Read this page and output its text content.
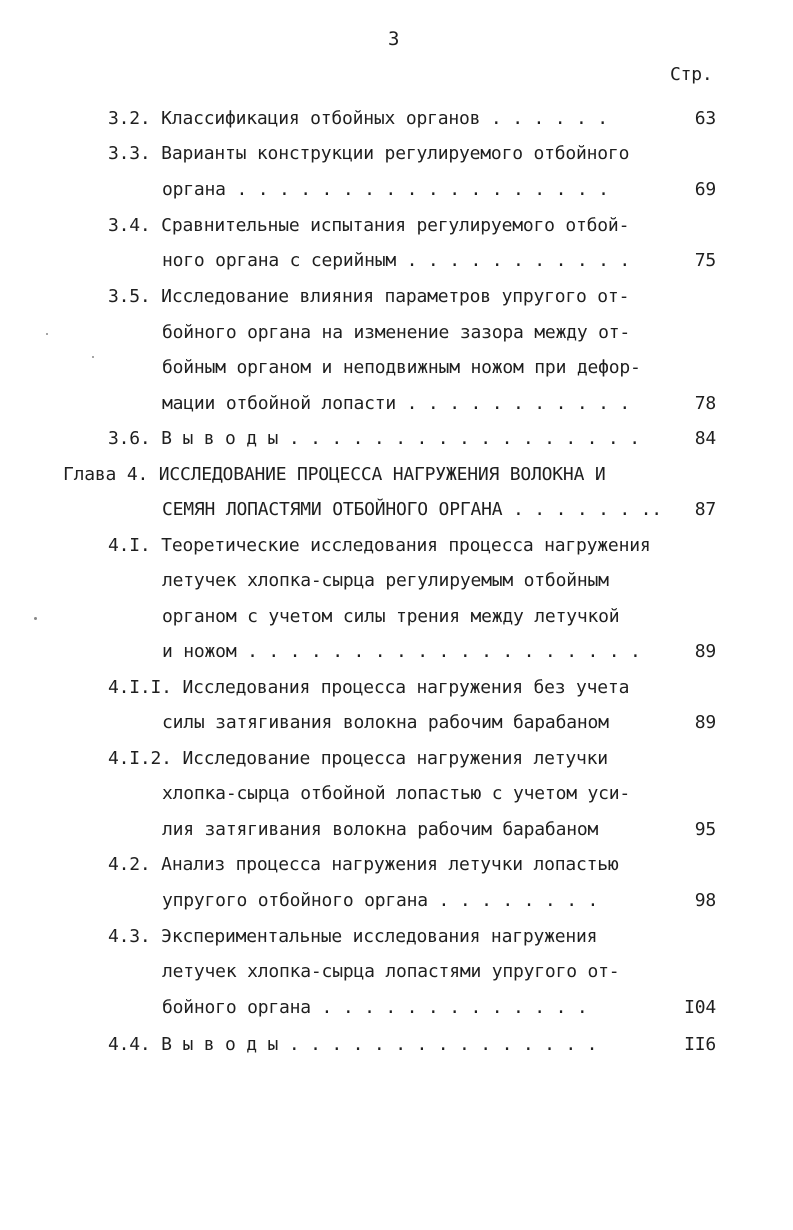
3
Стр.
3.2. Классификация отбойных органов . . . . . .	63
3.3. Варианты конструкции регулируемого отбойного
органа . . . . . . . . . . . . . . . . . .	69
3.4. Сравнительные испытания регулируемого отбой-
ного органа с серийным . . . . . . . . . . .	75
3.5. Исследование влияния параметров упругого от-
бойного органа на изменение зазора между от-
бойным органом и неподвижным ножом при дефор-
мации отбойной лопасти . . . . . . . . . . .	78
3.6. В ы в о д ы . . . . . . . . . . . . . . . . .	84
Глава 4. ИССЛЕДОВАНИЕ ПРОЦЕССА НАГРУЖЕНИЯ ВОЛОКНА И
СЕМЯН ЛОПАСТЯМИ ОТБОЙНОГО ОРГАНА . . . . . . ..	87
4.I. Теоретические исследования процесса нагружения
летучек хлопка-сырца регулируемым отбойным
органом с учетом силы трения между летучкой
и ножом . . . . . . . . . . . . . . . . . . .	89
4.I.I. Исследования процесса нагружения без учета
силы затягивания волокна рабочим барабаном	89
4.I.2. Исследование процесса нагружения летучки
хлопка-сырца отбойной лопастью с учетом уси-
лия затягивания волокна рабочим барабаном	95
4.2. Анализ процесса нагружения летучки лопастью
упругого отбойного органа . . . . . . . .	98
4.3. Экспериментальные исследования нагружения
летучек хлопка-сырца лопастями упругого от-
бойного органа . . . . . . . . . . . . .	I04
4.4. В ы в о д ы . . . . . . . . . . . . . . .	II6
